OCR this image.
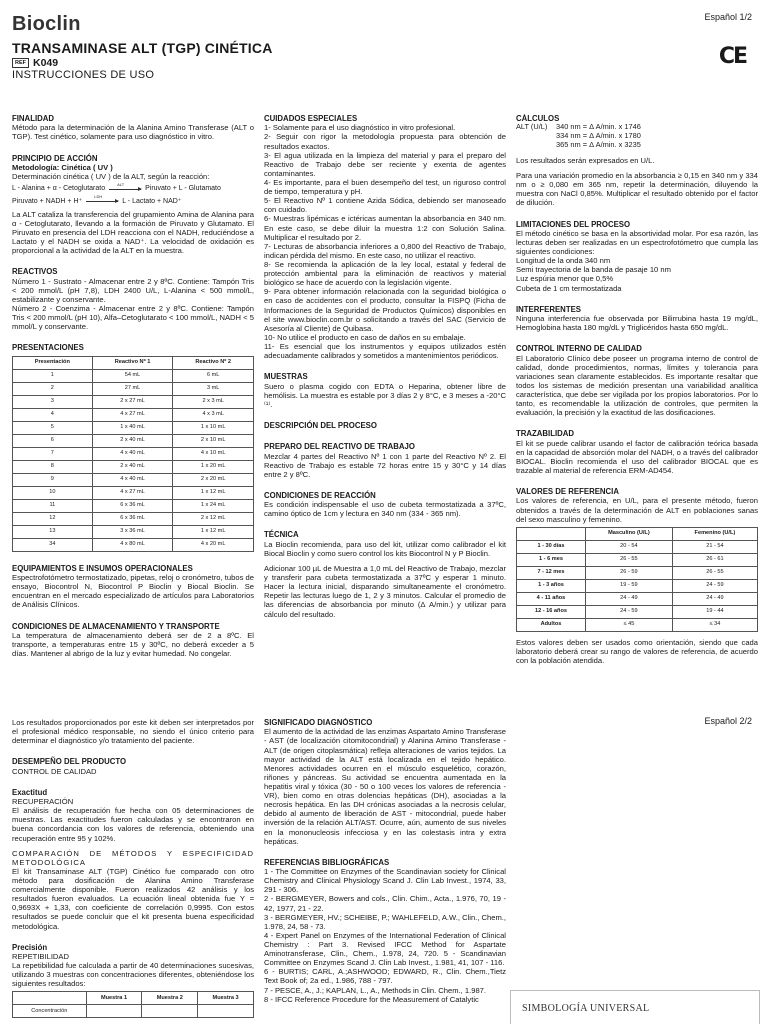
Bioclin	Español 1/2
TRANSAMINASE ALT (TGP) CINÉTICA
REF K049
INSTRUCCIONES DE USO
CE
FINALIDAD

Método para la determinación de la Alanina Amino Transferase (ALT o TGP). Test cinético, solamente para uso diagnóstico in vitro.

PRINCIPIO DE ACCIÓN

Metodología: Cinética ( UV )

Determinación cinética ( UV ) de la ALT, según la reacción:

L - Alanina + α - Cetoglutarato
ALT
Piruvato + L - Glutamato
Piruvato + NADH + H⁺
LDH
L - Lactato + NAD⁺

La ALT cataliza la transferencia del grupamiento Amina de Alanina para α - Cetoglutarato, llevando a la formación de Piruvato y Glutamato. El Piruvato en presencia del LDH reacciona con el NADH, reduciéndose a Lactato y el NADH se oxida a NAD⁺. La velocidad de oxidación es proporcional a la actividad de la ALT en la muestra.

REACTIVOS

Número 1 - Sustrato - Almacenar entre 2 y 8ºC. Contiene: Tampón Tris < 200 mmol/L (pH 7,8), LDH 2400 U/L, L-Alanina < 500 mmol/L, estabilizante y conservante.

Número 2 - Coenzima - Almacenar entre 2 y 8ºC. Contiene: Tampón Tris < 200 mmol/L (pH 10), Alfa–Cetoglutarato < 100 mmol/L, NADH < 5 mmol/L y conservante.

PRESENTACIONES
Presentación	Reactivo Nº 1	Reactivo Nº 2
1	54 mL	6 mL
2	27 mL	3 mL
3	2 x 27 mL	2 x 3 mL
4	4 x 27 mL	4 x 3 mL
5	1 x 40 mL	1 x 10 mL
6	2 x 40 mL	2 x 10 mL
7	4 x 40 mL	4 x 10 mL
8	2 x 40 mL	1 x 20 mL
9	4 x 40 mL	2 x 20 mL
10	4 x 27 mL	1 x 12 mL
11	6 x 36 mL	1 x 24 mL
12	6 x 36 mL	2 x 12 mL
13	3 x 36 mL	1 x 12 mL
34	4 x 80 mL	4 x 20 mL
EQUIPAMIENTOS E INSUMOS OPERACIONALES

Espectrofotómetro termostatizado, pipetas, reloj o cronómetro, tubos de ensayo, Biocontrol N, Biocontrol P Bioclin y Biocal Bioclin. Se encuentran en el mercado especializado de artículos para Laboratorios de Análisis Clínicos.

CONDICIONES DE ALMACENAMIENTO Y TRANSPORTE

La temperatura de almacenamiento deberá ser de 2 a 8ºC. El transporte, a temperaturas entre 15 y 30ºC, no deberá exceder a 5 días. Mantener al abrigo de la luz y evitar humedad. No congelar.

CUIDADOS ESPECIALES

1- Solamente para el uso diagnóstico in vitro profesional.

2- Seguir con rigor la metodología propuesta para obtención de resultados exactos.

3- El agua utilizada en la limpieza del material y para el preparo del Reactivo de Trabajo debe ser reciente y exenta de agentes contaminantes.

4- Es importante, para el buen desempeño del test, un riguroso control de tiempo, temperatura y pH.

5- El Reactivo Nº 1 contiene Azida Sódica, debiendo ser manoseado con cuidado.

6- Muestras lipémicas e ictéricas aumentan la absorbancia en 340 nm. En este caso, se debe diluir la muestra 1:2 con Solución Salina. Multiplicar el resultado por 2.

7- Lecturas de absorbancia inferiores a 0,800 del Reactivo de Trabajo, indican pérdida del mismo. En este caso, no utilizar el reactivo.

8- Se recomienda la aplicación de la ley local, estatal y federal de protección ambiental para la eliminación de reactivos y material biológico se hace de acuerdo con la legislación vigente.

9- Para obtener información relacionada con la seguridad biológica o en caso de accidentes con el producto, consultar la FISPQ (Ficha de Informaciones de la Seguridad de Productos Químicos) disponibles en el site www.bioclin.com.br o solicitando a través del SAC (Servicio de Asesoría al Cliente) de Quibasa.

10- No utilice el producto en caso de daños en su embalaje.

11- Es esencial que los instrumentos y equipos utilizados estén adecuadamente calibrados y sometidos a mantenimientos periódicos.

MUESTRAS

Suero o plasma cogido con EDTA o Heparina, obtener libre de hemólisis. La muestra es estable por 3 días 2 y 8°C, e 3 meses a -20°C ⁽¹⁾.

DESCRIPCIÓN DEL PROCESO
PREPARO DEL REACTIVO DE TRABAJO

Mezclar 4 partes del Reactivo Nº 1 con 1 parte del Reactivo Nº 2. El Reactivo de Trabajo es estable 72 horas entre 15 y 30°C y 14 días entre 2 y 8ºC.

CONDICIONES DE REACCIÓN

Es condición indispensable el uso de cubeta termostatizada a 37ºC, camino óptico de 1cm y lectura en 340 nm (334 - 365 nm).

TÉCNICA

La Bioclin recomienda, para uso del kit, utilizar como calibrador el kit Biocal Bioclin y como suero control los kits Biocontrol N y P Bioclin.

Adicionar 100 µL de Muestra a 1,0 mL del Reactivo de Trabajo, mezclar y transferir para cubeta termostatizada a 37ºC y esperar 1 minuto. Hacer la lectura inicial, disparando simultaneamente el cronómetro. Repetir las lecturas luego de 1, 2 y 3 minutos. Calcular el promedio de las diferencias de absorbancia por minuto (Δ A/min.) y utilizar para cálculo del resultado.

CÁLCULOS
ALT (U/L)	340 nm = Δ A/min. x 1746
334 nm = Δ A/min. x 1780
365 nm = Δ A/min. x 3235

Los resultados serán expresados en U/L.

Para una variación promedio en la absorbancia ≥ 0,15 en 340 nm y 334 nm o ≥ 0,080 em 365 nm, repetir la determinación, diluyendo la muestra con NaCl 0,85%. Multiplicar el resultado obtenido por el factor de dilución.

LIMITACIONES DEL PROCESO

El método cinético se basa en la absortividad molar. Por esa razón, las lecturas deben ser realizadas en un espectrofotómetro que cumpla las siguientes condiciones:

Longitud de la onda 340 nm

Semi trayectoria de la banda de pasaje 10 nm

Luz espúria menor que 0,5%

Cubeta de 1 cm termostatizada

INTERFERENTES

Ninguna interferencia fue observada por Bilirrubina hasta 19 mg/dL, Hemoglobina hasta 180 mg/dL y Triglicéridos hasta 650 mg/dL.

CONTROL INTERNO DE CALIDAD

El Laboratorio Clínico debe poseer un programa interno de control de calidad, donde procedimientos, normas, límites y tolerancia para variaciones sean claramente establecidos. Es importante resaltar que todos los sistemas de medición presentan una variabilidad analítica característica, que debe ser vigilada por los propios laboratorios. Por lo tanto, es recomendable la utilización de controles, que permiten la evaluación, la precisión y la exactitud de las dosificaciones.

TRAZABILIDAD

El kit se puede calibrar usando el factor de calibración teórica basada en la capacidad de absorción molar del NADH, o a través del calibrador BIOCAL. Bioclin recomienda el uso del calibrador BIOCAL que es trazable al material de referencia ERM-AD454.

VALORES DE REFERENCIA

Los valores de referencia, en U/L, para el presente método, fueron obtenidos a través de la determinación de ALT en poblaciones sanas del sexo masculino y femenino.

	Masculino (U/L)	Femenino (U/L)
1 - 30 días	20 - 54	21 - 54
1 - 6 mes	26 - 55	26 - 61
7 - 12 mes	26 - 59	26 - 55
1 - 3 años	19 - 59	24 - 59
4 - 11 años	24 - 49	24 - 49
12 - 16 años	24 - 59	19 - 44
Adultos	≤ 45	≤ 34

Estos valores deben ser usados como orientación, siendo que cada laboratorio deberá crear su rango de valores de referencia, de acuerdo con la población atendida.

Español 2/2

Los resultados proporcionados por este kit deben ser interpretados por el profesional médico responsable, no siendo el único criterio para determinar el diagnóstico y/o tratamiento del paciente.

DESEMPEÑO DEL PRODUCTO

CONTROL DE CALIDAD

Exactitud

RECUPERACIÓN

El análisis de recuperación fue hecha con 05 determinaciones de muestras. Las exactitudes fueron calculadas y se encontraron en buena concordancia con los valores de referencia, obteniendo una recuperación entre 95 y 102%.

COMPARACIÓN DE MÉTODOS Y ESPECIFICIDAD METODOLÓGICA

El kit Transaminase ALT (TGP) Cinético fue comparado con otro método para dosificación de Alanina Amino Transferase comercialmente disponible. Fueron realizados 42 análisis y los resultados fueron evaluados. La ecuación lineal obtenida fue Y = 0,9693X + 1,33, con coeficiente de correlación 0,9995. Con estos resultados se puede concluir que el kit presenta buena especificidad metodológica.

Precisión

REPETIBILIDAD

La repetibilidad fue calculada a partir de 40 determinaciones sucesivas, utilizando 3 muestras con concentraciones diferentes, obteniéndose los siguientes resultados:

	Muestra 1	Muestra 2	Muestra 3
Concentración			
SIGNIFICADO DIAGNÓSTICO

El aumento de la actividad de las enzimas Aspartato Amino Transferase - AST (de localización citomitocondrial) y Alanina Amino Transferase - ALT (de origen citoplasmática) refleja alteraciones de varios tejidos. La mayor actividad de la ALT está localizada en el tejido hepático. Menores actividades ocurren en el músculo esquelético, corazón, riñones y páncreas. Su actividad se encuentra aumentada en la hepatitis viral y tóxica (30 - 50 o 100 veces los valores de referencia - VR), bien como en otras dolencias hepáticas (DH), asociadas a la necrosis hepática. En las DH crónicas asociadas a la necrosis celular, debido al aumento de liberación de AST - mitocondrial, puede haber inversión de la relación ALT/AST. Ocurre, aún, aumento de sus niveles en la mononucleosis infecciosa y en las colestasis intra y extra hepáticas.

REFERENCIAS BIBLIOGRÁFICAS

1 - The Committee on Enzymes of the Scandinavian society for Clinical Chemistry and Clinical Physiology Scand J. Clin Lab Invest., 1974, 33, 291 - 306.

2 - BERGMEYER, Bowers and cols., Clin. Chim., Acta., 1.976, 70, 19 - 42, 1977, 21 - 22.

3 - BERGMEYER, HV.; SCHEIBE, P.; WAHLEFELD, A.W., Clin., Chem., 1.978, 24, 58 - 73.

4 - Expert Panel on Enzymes of the International Federation of Clinical Chemistry : Part 3. Revised IFCC Method for Aspartate Aminotransferase, Clin., Chem., 1.978, 24, 720. 5 - Scandinavian Committee on Enzymes Scand J. Clin Lab Invest., 1.981, 41, 107 - 116.

6 - BURTIS; CARL, A.;ASHWOOD; EDWARD, R., Clin. Chem.,Tietz Text Book of; 2a ed., 1.986, 788 - 797.

7 - PESCE, A., J.; KAPLAN, L., A., Methods in Clin. Chem., 1.987.

8 - IFCC Reference Procedure for the Measurement of Catalytic

SIMBOLOGÍA UNIVERSAL
